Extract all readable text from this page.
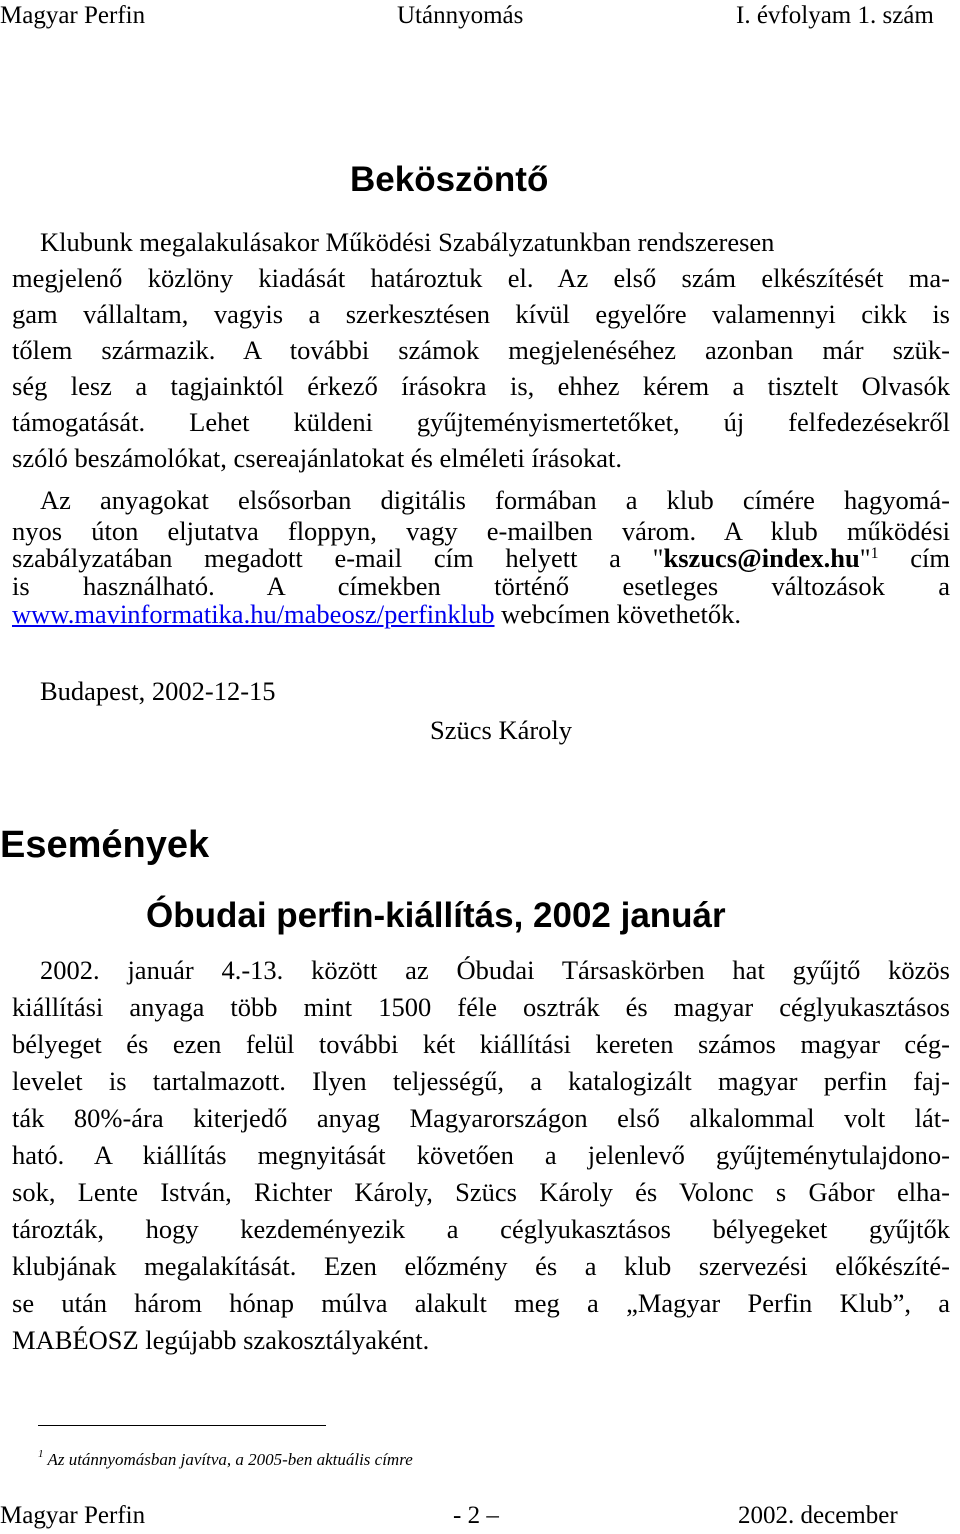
Magyar Perfin	Utánnyomás	I. évfolyam 1. szám
Beköszöntő
Klubunk megalakulásakor Működési Szabályzatunkban rendszeresen
megjelenő közlöny kiadását határoztuk el. Az első szám elkészítését ma-
gam vállaltam, vagyis a szerkesztésen kívül egyelőre valamennyi cikk is
tőlem származik. A további számok megjelenéséhez azonban már szük-
ség lesz a tagjainktól érkező írásokra is, ehhez kérem a tisztelt Olvasók
támogatását. Lehet küldeni gyűjteményismertetőket, új felfedezésekről
szóló beszámolókat, csereajánlatokat és elméleti írásokat.
Az anyagokat elsősorban digitális formában a klub címére hagyomá-
nyos úton eljutatva floppyn, vagy e-mailben várom. A klub működési
szabályzatában megadott e-mail cím helyett a "kszucs@index.hu"$^1$ cím
is használható. A címekben történő esetleges változások a
www.mavinformatika.hu/mabeosz/perfinklub webcímen követhetők.
Budapest, 2002-12-15
Szücs Károly
Események
Óbudai perfin-kiállítás, 2002 január
2002. január 4.-13. között az Óbudai Társaskörben hat gyűjtő közös
kiállítási anyaga több mint 1500 féle osztrák és magyar céglyukasztásos
bélyeget és ezen felül további két kiállítási kereten számos magyar cég-
levelet is tartalmazott. Ilyen teljességű, a katalogizált magyar perfin faj-
ták 80%-ára kiterjedő anyag Magyarországon első alkalommal volt lát-
ható. A kiállítás megnyitását követően a jelenlevő gyűjteménytulajdono-
sok, Lente István, Richter Károly, Szücs Károly és Volonc s Gábor elha-
tározták, hogy kezdeményezik a céglyukasztásos bélyegeket gyűjtők
klubjának megalakítását. Ezen előzmény és a klub szervezési előkészíté-
se után három hónap múlva alakult meg a „Magyar Perfin Klub”, a
MABÉOSZ legújabb szakosztályaként.
$^1$ Az utánnyomásban javítva, a 2005-ben aktuális címre
Magyar Perfin	- 2 –	2002. december
